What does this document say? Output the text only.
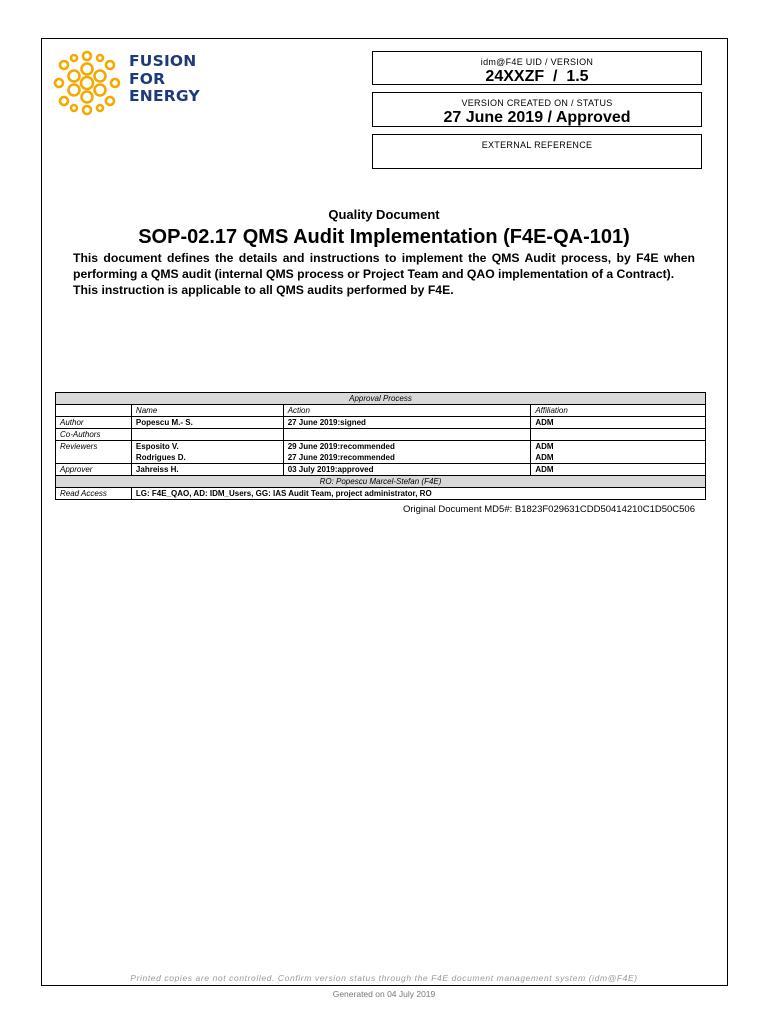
FUSION
FOR
ENERGY
idm@F4E UID / VERSION
24XXZF  /  1.5
VERSION CREATED ON / STATUS
27 June 2019 / Approved
EXTERNAL REFERENCE
Quality Document
SOP-02.17 QMS Audit Implementation (F4E-QA-101)

This document defines the details and instructions to implement the QMS Audit process, by F4E when performing a QMS audit (internal QMS process or Project Team and QAO implementation of a Contract).

This instruction is applicable to all QMS audits performed by F4E.

Approval Process			
	Name	Action	Affiliation
Author	Popescu M.- S.	27 June 2019:signed	ADM
Co-Authors			
Reviewers	Esposito V.	29 June 2019:recommended	ADM
	Rodrigues D.	27 June 2019:recommended	ADM
Approver	Jahreiss H.	03 July 2019:approved	ADM
RO: Popescu Marcel-Stefan (F4E)			
Read Access	LG: F4E_QAO, AD: IDM_Users, GG: IAS Audit Team, project administrator, RO		
Original Document MD5#: B1823F029631CDD50414210C1D50C506
Printed copies are not controlled. Confirm version status through the F4E document management system (idm@F4E)
Generated on 04 July 2019
